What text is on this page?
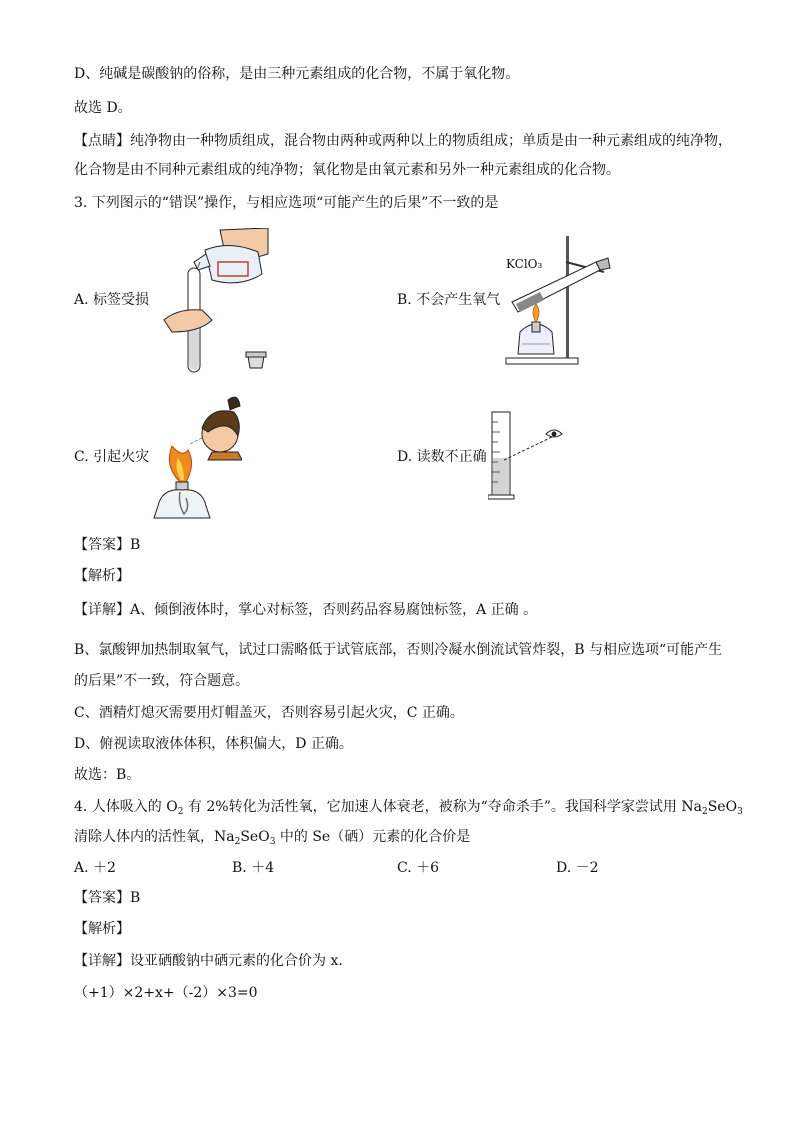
D、纯碱是碳酸钠的俗称，是由三种元素组成的化合物，不属于氧化物。
故选 D。
【点睛】纯净物由一种物质组成，混合物由两种或两种以上的物质组成；单质是由一种元素组成的纯净物，
化合物是由不同种元素组成的纯净物；氧化物是由氧元素和另外一种元素组成的化合物。
3. 下列图示的“错误”操作，与相应选项“可能产生的后果”不一致的是
A. 标签受损	B. 不会产生氧气
C. 引起火灾	D. 读数不正确
KClO₃
【答案】B
【解析】
【详解】A、倾倒液体时，掌心对标签，否则药品容易腐蚀标签，A 正确 。
B、氯酸钾加热制取氧气，试过口需略低于试管底部，否则冷凝水倒流试管炸裂，B 与相应选项“可能产生
的后果”不一致，符合题意。
C、酒精灯熄灭需要用灯帽盖灭，否则容易引起火灾，C 正确。
D、俯视读取液体体积，体积偏大，D 正确。
故选：B。
4. 人体吸入的 $O_2$ 有 2%转化为活性氧，它加速人体衰老，被称为“夺命杀手”。我国科学家尝试用 $Na_2SeO_3$
清除人体内的活性氧，$Na_2SeO_3$ 中的 Se（硒）元素的化合价是
A. ＋2	B. ＋4	C. ＋6	D. －2
【答案】B
【解析】
【详解】设亚硒酸钠中硒元素的化合价为 x.
（+1）×2+x+（-2）×3=0
